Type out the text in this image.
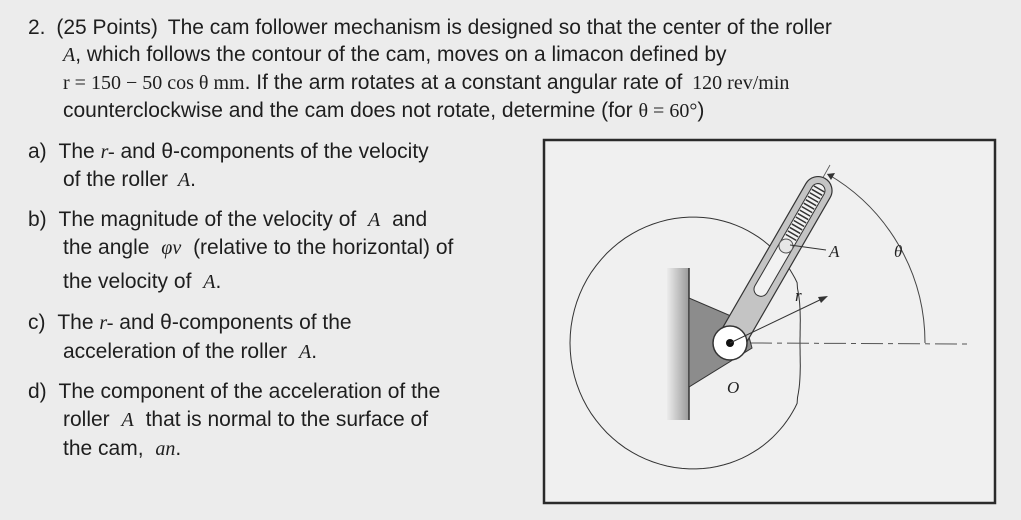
2. (25 Points) The cam follower mechanism is designed so that the center of the roller
A, which follows the contour of the cam, moves on a limacon defined by
r = 150 − 50 cos θ mm. If the arm rotates at a constant angular rate of 120 rev/min
counterclockwise and the cam does not rotate, determine (for θ = 60°)
a) The r- and θ-components of the velocity
of the roller A.
b) The magnitude of the velocity of A and
the angle φv (relative to the horizontal) of
the velocity of A.
c) The r- and θ-components of the
acceleration of the roller A.
d) The component of the acceleration of the
roller A that is normal to the surface of
the cam, an.
A	θ
r
O
